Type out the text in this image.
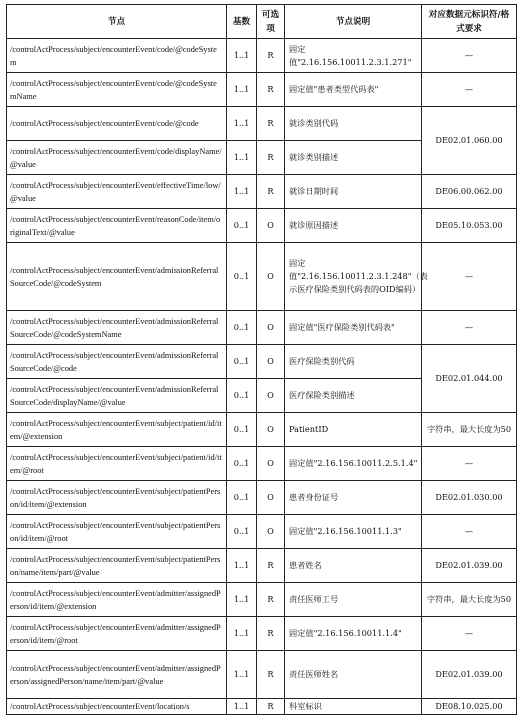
节点	基数	可选项	节点说明	对应数据元标识符/格式要求
/controlActProcess/subject/encounterEvent/code/@codeSystem	1..1	R	固定值"2.16.156.10011.2.3.1.271"	—
/controlActProcess/subject/encounterEvent/code/@codeSystemName	1..1	R	固定值"患者类型代码表"	—
/controlActProcess/subject/encounterEvent/code/@code	1..1	R	就诊类别代码	DE02.01.060.00
/controlActProcess/subject/encounterEvent/code/displayName/@value	1..1	R	就诊类别描述	
/controlActProcess/subject/encounterEvent/effectiveTime/low/@value	1..1	R	就诊日期时间	DE06.00.062.00
/controlActProcess/subject/encounterEvent/reasonCode/item/originalText/@value	0..1	O	就诊原因描述	DE05.10.053.00
/controlActProcess/subject/encounterEvent/admissionReferralSourceCode/@codeSystem	0..1	O	固定值"2.16.156.10011.2.3.1.248"（表示医疗保险类别代码表的OID编码）	—
/controlActProcess/subject/encounterEvent/admissionReferralSourceCode/@codeSystemName	0..1	O	固定值"医疗保险类别代码表"	—
/controlActProcess/subject/encounterEvent/admissionReferralSourceCode/@code	0..1	O	医疗保险类别代码	DE02.01.044.00
/controlActProcess/subject/encounterEvent/admissionReferralSourceCode/displayName/@value	0..1	O	医疗保险类别描述	
/controlActProcess/subject/encounterEvent/subject/patient/id/item/@extension	0..1	O	PatientID	字符串，最大长度为50
/controlActProcess/subject/encounterEvent/subject/patient/id/item/@root	0..1	O	固定值"2.16.156.10011.2.5.1.4"	—
/controlActProcess/subject/encounterEvent/subject/patientPerson/id/item/@extension	0..1	O	患者身份证号	DE02.01.030.00
/controlActProcess/subject/encounterEvent/subject/patientPerson/id/item/@root	0..1	O	固定值"2.16.156.10011.1.3"	—
/controlActProcess/subject/encounterEvent/subject/patientPerson/name/item/part/@value	1..1	R	患者姓名	DE02.01.039.00
/controlActProcess/subject/encounterEvent/admitter/assignedPerson/id/item/@extension	1..1	R	责任医师工号	字符串，最大长度为50
/controlActProcess/subject/encounterEvent/admitter/assignedPerson/id/item/@root	1..1	R	固定值"2.16.156.10011.1.4"	—
/controlActProcess/subject/encounterEvent/admitter/assignedPerson/assignedPerson/name/item/part/@value	1..1	R	责任医师姓名	DE02.01.039.00
/controlActProcess/subject/encounterEvent/location/s	1..1	R	科室标识	DE08.10.025.00
